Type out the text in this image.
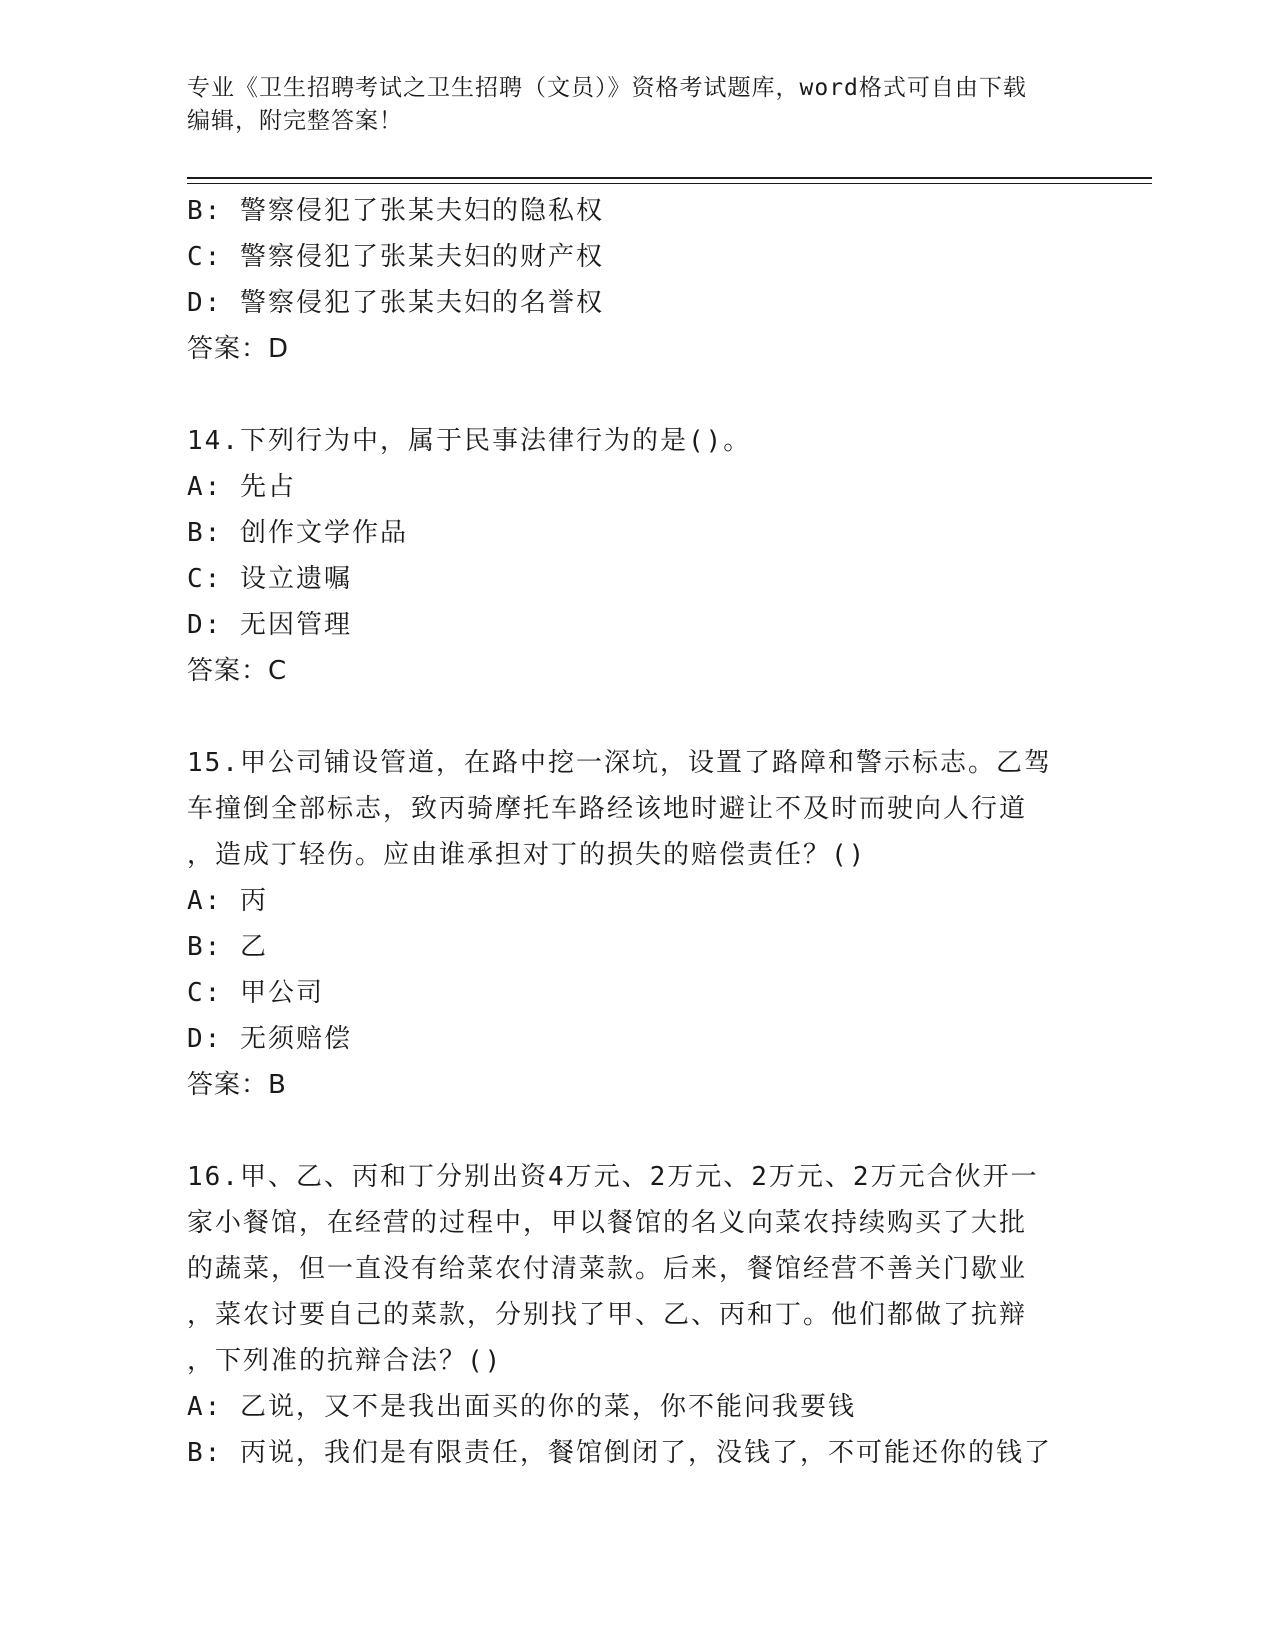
专业《卫生招聘考试之卫生招聘（文员）》资格考试题库，word格式可自由下载
编辑，附完整答案！
B: 警察侵犯了张某夫妇的隐私权
C: 警察侵犯了张某夫妇的财产权
D: 警察侵犯了张某夫妇的名誉权
答案：D
14.下列行为中，属于民事法律行为的是()。
A: 先占
B: 创作文学作品
C: 设立遗嘱
D: 无因管理
答案：C
15.甲公司铺设管道，在路中挖一深坑，设置了路障和警示标志。乙驾
车撞倒全部标志，致丙骑摩托车路经该地时避让不及时而驶向人行道
，造成丁轻伤。应由谁承担对丁的损失的赔偿责任？()
A: 丙
B: 乙
C: 甲公司
D: 无须赔偿
答案：B
16.甲、乙、丙和丁分别出资4万元、2万元、2万元、2万元合伙开一
家小餐馆，在经营的过程中，甲以餐馆的名义向菜农持续购买了大批
的蔬菜，但一直没有给菜农付清菜款。后来，餐馆经营不善关门歇业
，菜农讨要自己的菜款，分别找了甲、乙、丙和丁。他们都做了抗辩
，下列准的抗辩合法？()
A: 乙说，又不是我出面买的你的菜，你不能问我要钱
B: 丙说，我们是有限责任，餐馆倒闭了，没钱了，不可能还你的钱了
